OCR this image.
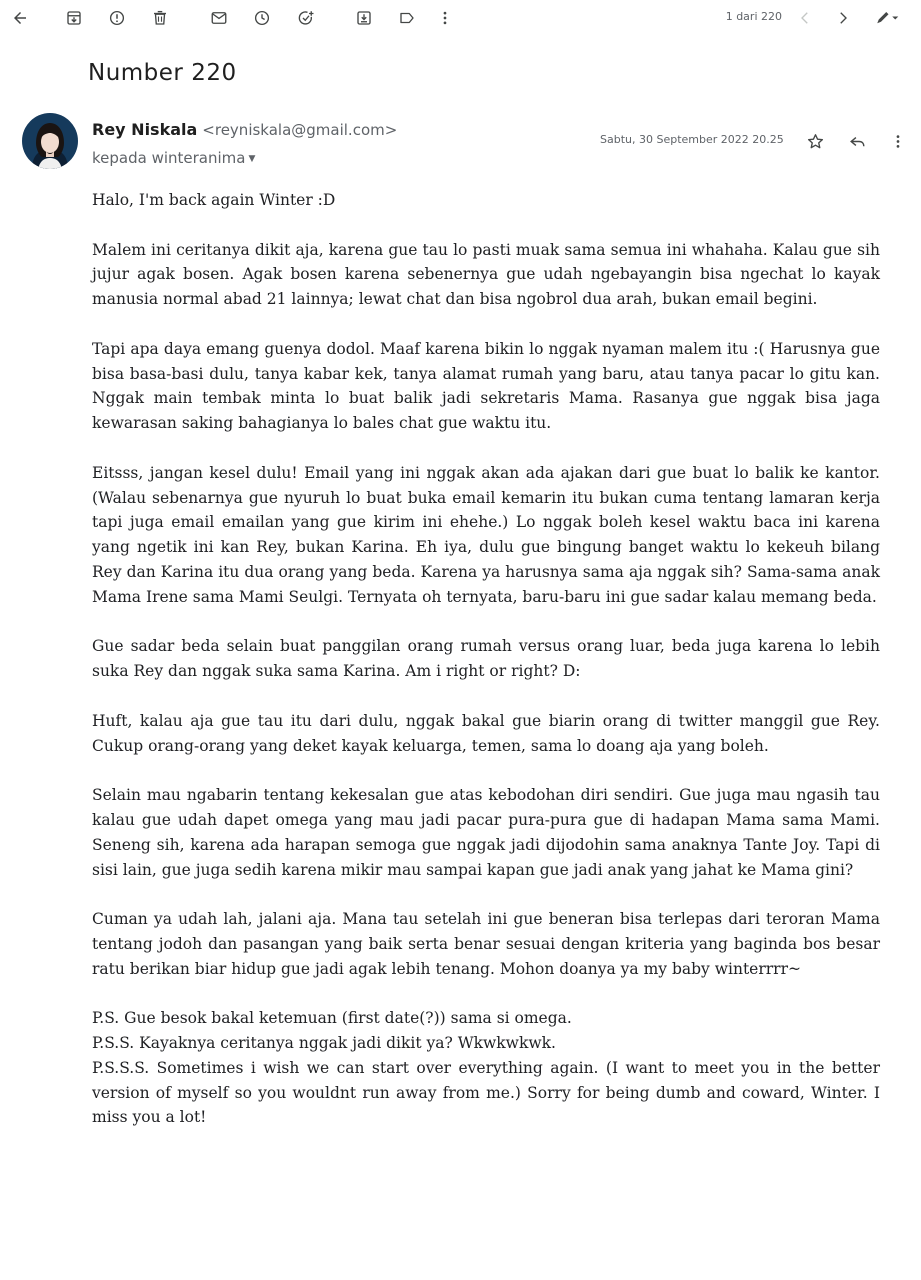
1 dari 220
Number 220
Rey Niskala <reyniskala@gmail.com>
kepada winteranima ▼
Sabtu, 30 September 2022 20.25

Halo, I'm back again Winter :D

Malem ini ceritanya dikit aja, karena gue tau lo pasti muak sama semua ini whahaha. Kalau gue sih jujur agak bosen. Agak bosen karena sebenernya gue udah ngebayangin bisa ngechat lo kayak manusia normal abad 21 lainnya; lewat chat dan bisa ngobrol dua arah, bukan email begini.

Tapi apa daya emang guenya dodol. Maaf karena bikin lo nggak nyaman malem itu :( Harusnya gue bisa basa-basi dulu, tanya kabar kek, tanya alamat rumah yang baru, atau tanya pacar lo gitu kan. Nggak main tembak minta lo buat balik jadi sekretaris Mama. Rasanya gue nggak bisa jaga kewarasan saking bahagianya lo bales chat gue waktu itu.

Eitsss, jangan kesel dulu! Email yang ini nggak akan ada ajakan dari gue buat lo balik ke kantor. (Walau sebenarnya gue nyuruh lo buat buka email kemarin itu bukan cuma tentang lamaran kerja tapi juga email emailan yang gue kirim ini ehehe.) Lo nggak boleh kesel waktu baca ini karena yang ngetik ini kan Rey, bukan Karina. Eh iya, dulu gue bingung banget waktu lo kekeuh bilang Rey dan Karina itu dua orang yang beda. Karena ya harusnya sama aja nggak sih? Sama-sama anak Mama Irene sama Mami Seulgi. Ternyata oh ternyata, baru-baru ini gue sadar kalau memang beda.

Gue sadar beda selain buat panggilan orang rumah versus orang luar, beda juga karena lo lebih suka Rey dan nggak suka sama Karina. Am i right or right? D:

Huft, kalau aja gue tau itu dari dulu, nggak bakal gue biarin orang di twitter manggil gue Rey. Cukup orang-orang yang deket kayak keluarga, temen, sama lo doang aja yang boleh.

Selain mau ngabarin tentang kekesalan gue atas kebodohan diri sendiri. Gue juga mau ngasih tau kalau gue udah dapet omega yang mau jadi pacar pura-pura gue di hadapan Mama sama Mami. Seneng sih, karena ada harapan semoga gue nggak jadi dijodohin sama anaknya Tante Joy. Tapi di sisi lain, gue juga sedih karena mikir mau sampai kapan gue jadi anak yang jahat ke Mama gini?

Cuman ya udah lah, jalani aja. Mana tau setelah ini gue beneran bisa terlepas dari teroran Mama tentang jodoh dan pasangan yang baik serta benar sesuai dengan kriteria yang baginda bos besar ratu berikan biar hidup gue jadi agak lebih tenang. Mohon doanya ya my baby winterrrr~

P.S. Gue besok bakal ketemuan (first date(?)) sama si omega.
P.S.S. Kayaknya ceritanya nggak jadi dikit ya? Wkwkwkwk.
P.S.S.S. Sometimes i wish we can start over everything again. (I want to meet you in the better version of myself so you wouldnt run away from me.) Sorry for being dumb and coward, Winter. I miss you a lot!
